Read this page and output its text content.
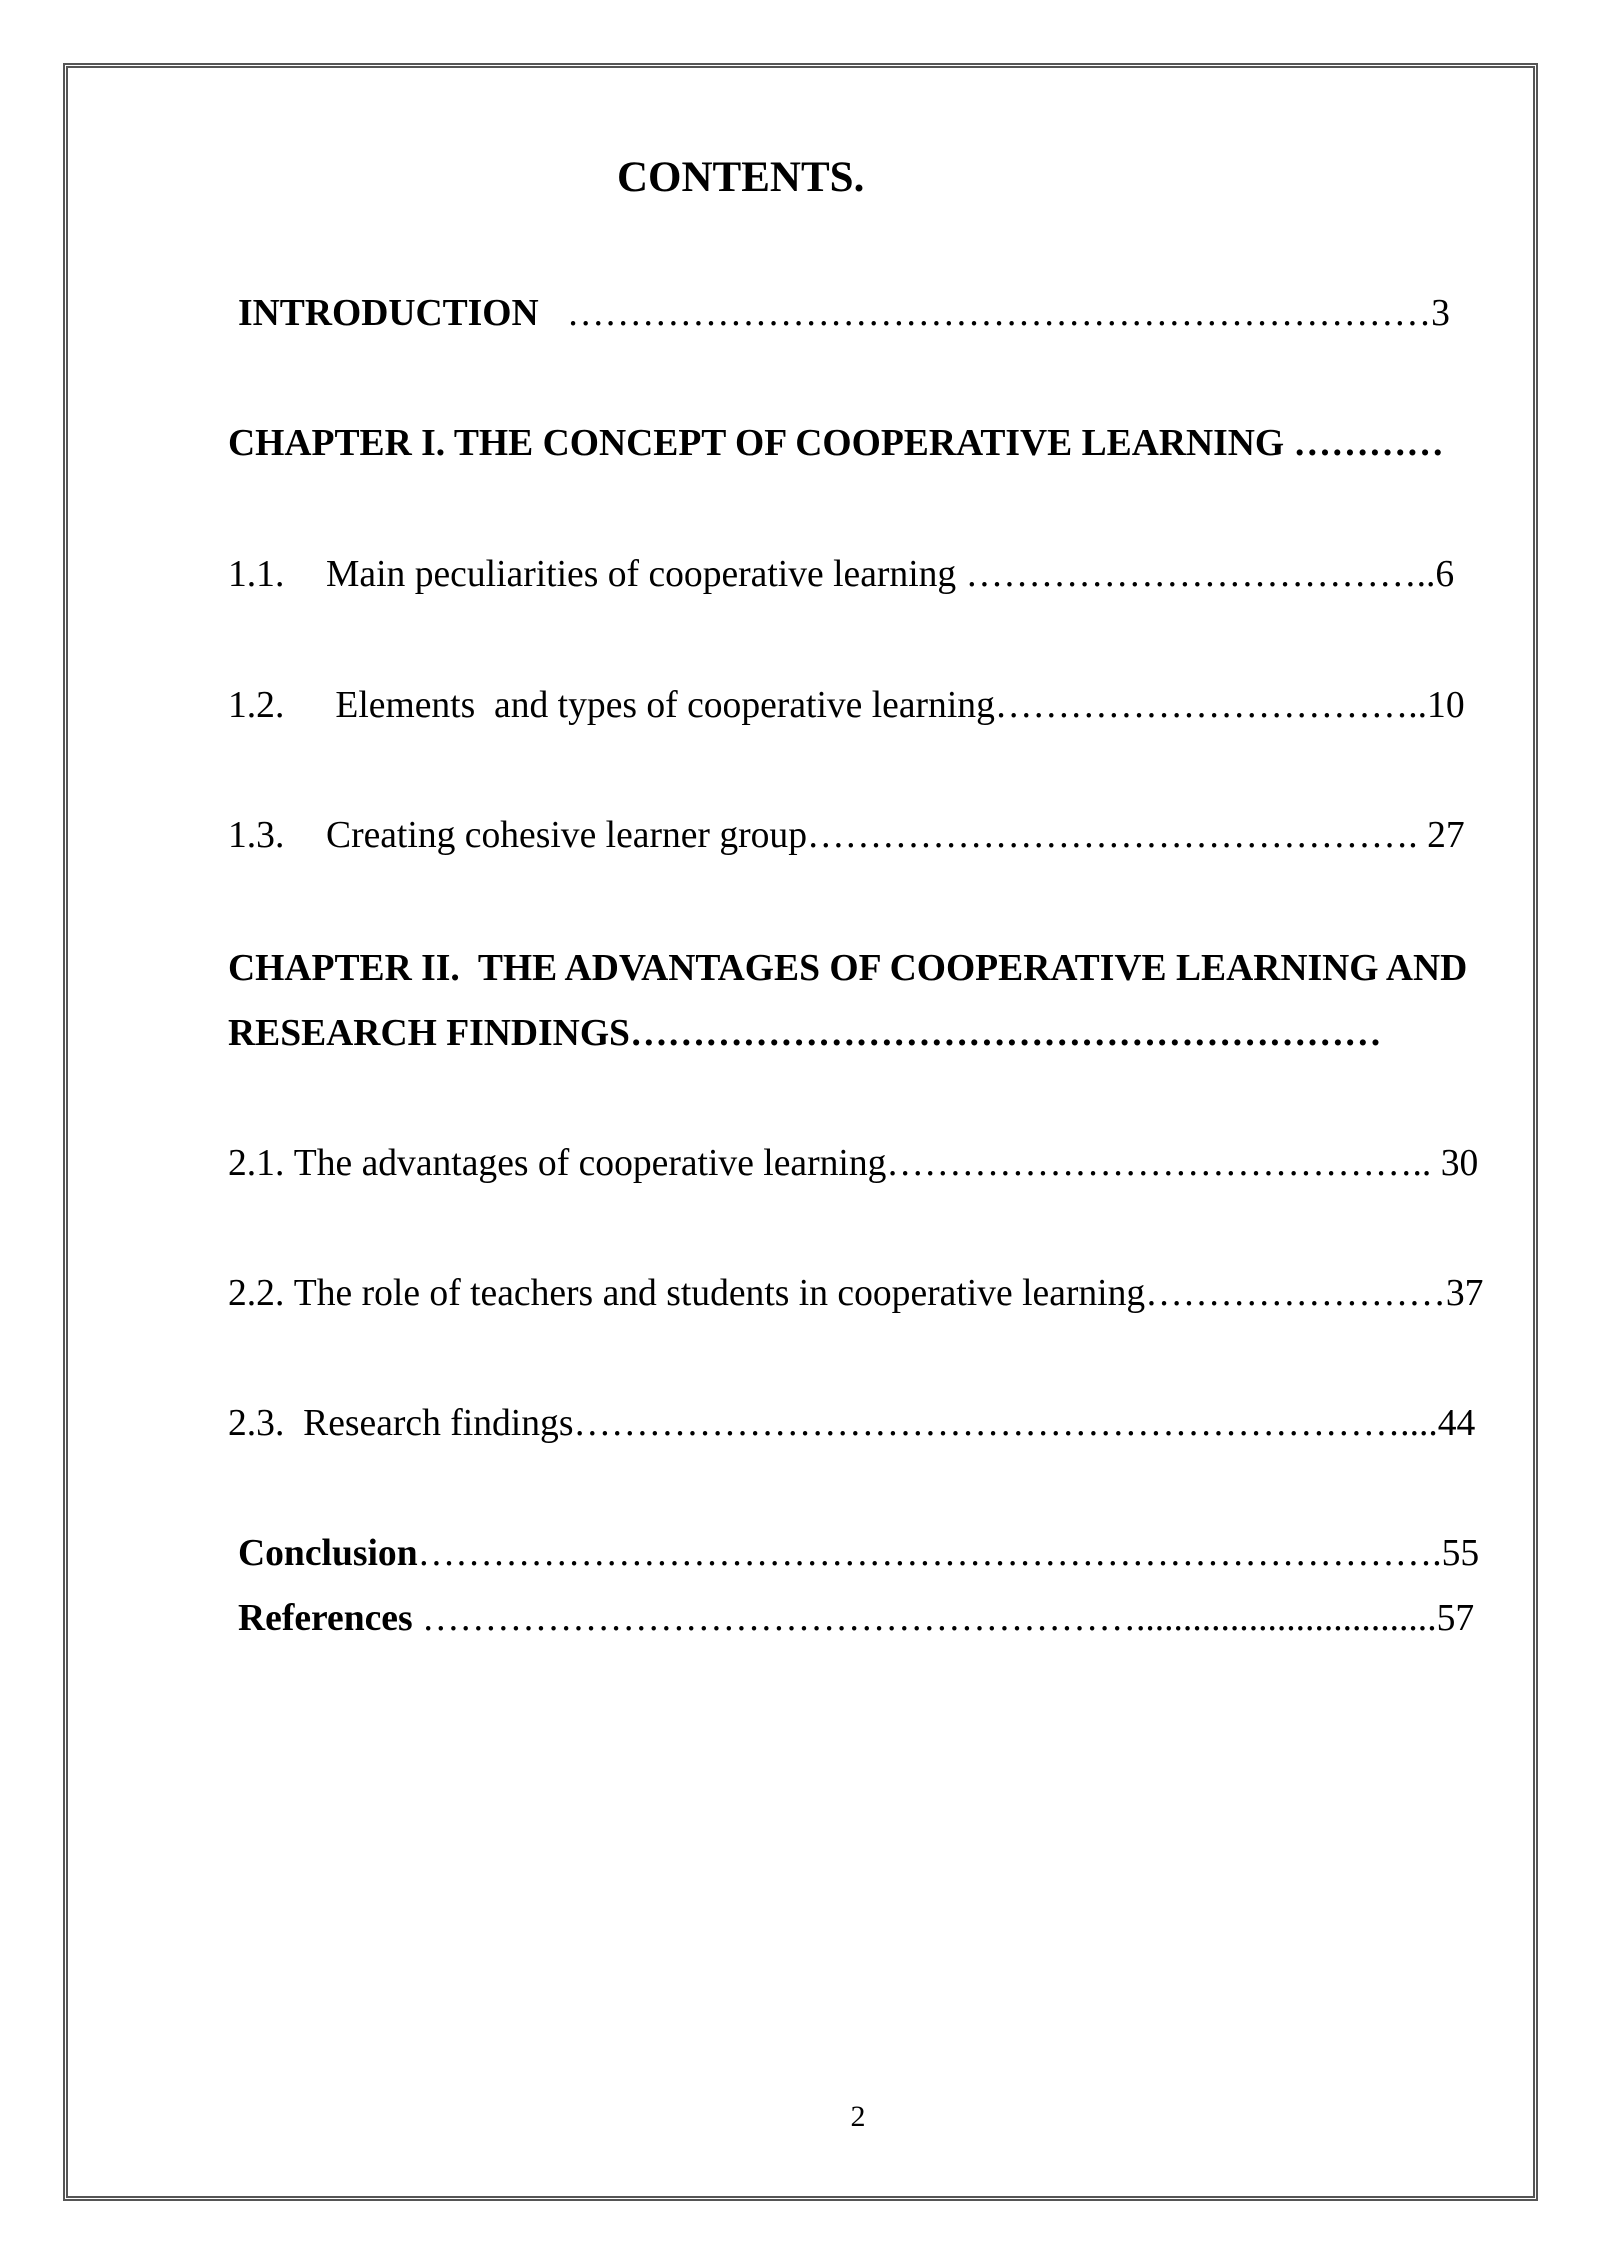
CONTENTS.
INTRODUCTION …………………………………………………………… 3
CHAPTER I. THE CONCEPT OF COOPERATIVE LEARNING …………
1.1.	Main peculiarities of cooperative learning ……………………………….. 6
1.2.	Elements  and types of cooperative learning …………………………….. 10
1.3.	Creating cohesive learner group …………………………………………. 27
CHAPTER II.  THE ADVANTAGES OF COOPERATIVE LEARNING AND
RESEARCH FINDINGS ……………………………………………………
2.1. The advantages of cooperative learning …………………………………….. 30
2.2. The role of teachers and students in cooperative learning …………………… 37
2.3. Research findings ………………………………………………………….... 44
Conclusion ………………………………………………………………………. 55
References …………………………………………………................................ 57
2
